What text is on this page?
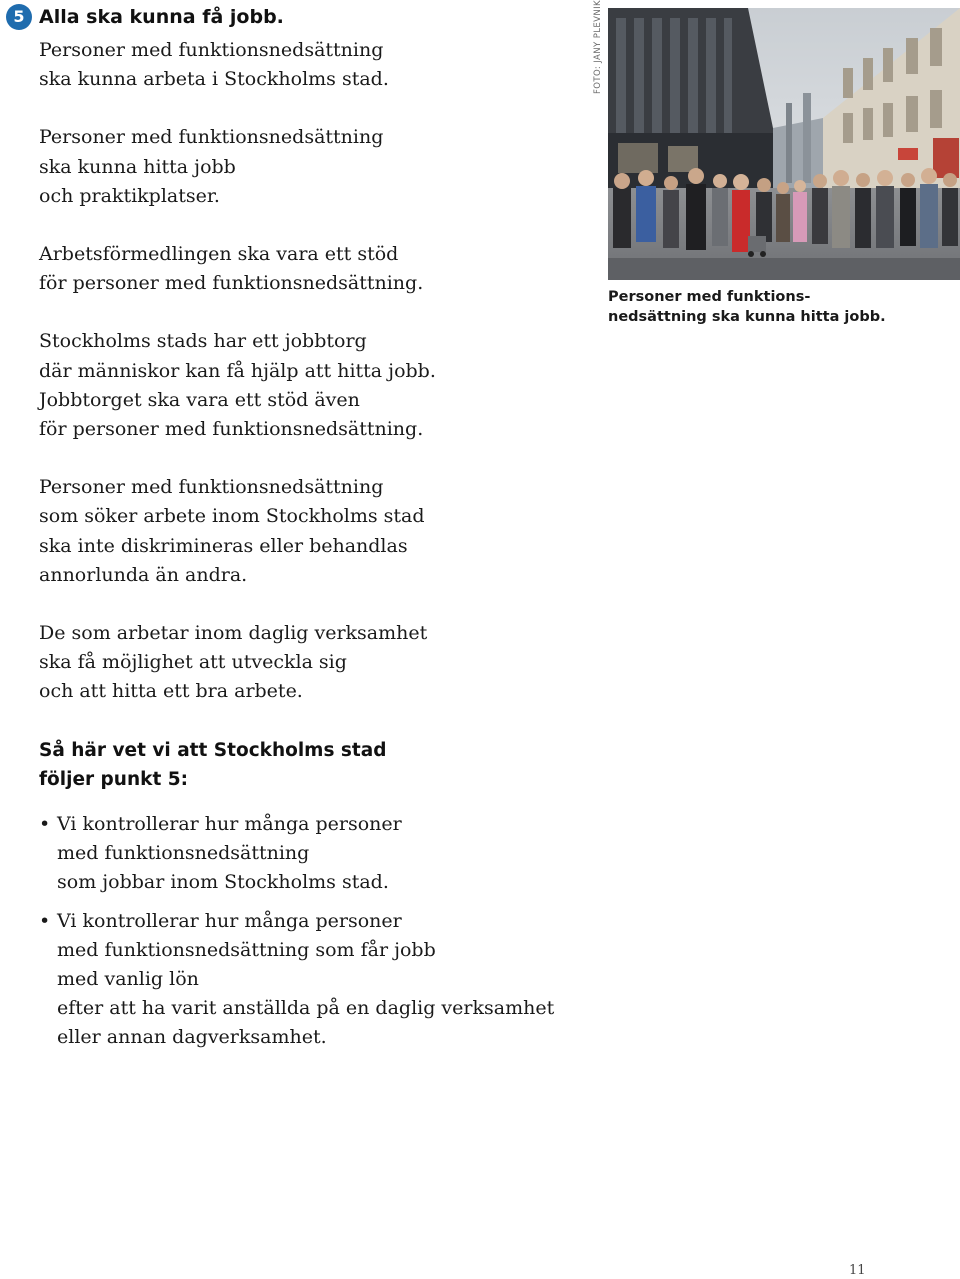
5 Alla ska kunna få jobb.

Personer med funktionsnedsättning
ska kunna arbeta i Stockholms stad.

Personer med funktionsnedsättning
ska kunna hitta jobb
och praktikplatser.

Arbetsförmedlingen ska vara ett stöd
för personer med funktionsnedsättning.

Stockholms stads har ett jobbtorg
där människor kan få hjälp att hitta jobb.
Jobbtorget ska vara ett stöd även
för personer med funktionsnedsättning.

Personer med funktionsnedsättning
som söker arbete inom Stockholms stad
ska inte diskrimineras eller behandlas
annorlunda än andra.

De som arbetar inom daglig verksamhet
ska få möjlighet att utveckla sig
och att hitta ett bra arbete.

Så här vet vi att Stockholms stad
följer punkt 5:
• Vi kontrollerar hur många personer
med funktionsnedsättning
som jobbar inom Stockholms stad.
• Vi kontrollerar hur många personer
med funktionsnedsättning som får jobb
med vanlig lön
efter att ha varit anställda på en daglig verksamhet
eller annan dagverksamhet.
FOTO: JANY PLEVNIK

Personer med funktions-
nedsättning ska kunna hitta jobb.

11
